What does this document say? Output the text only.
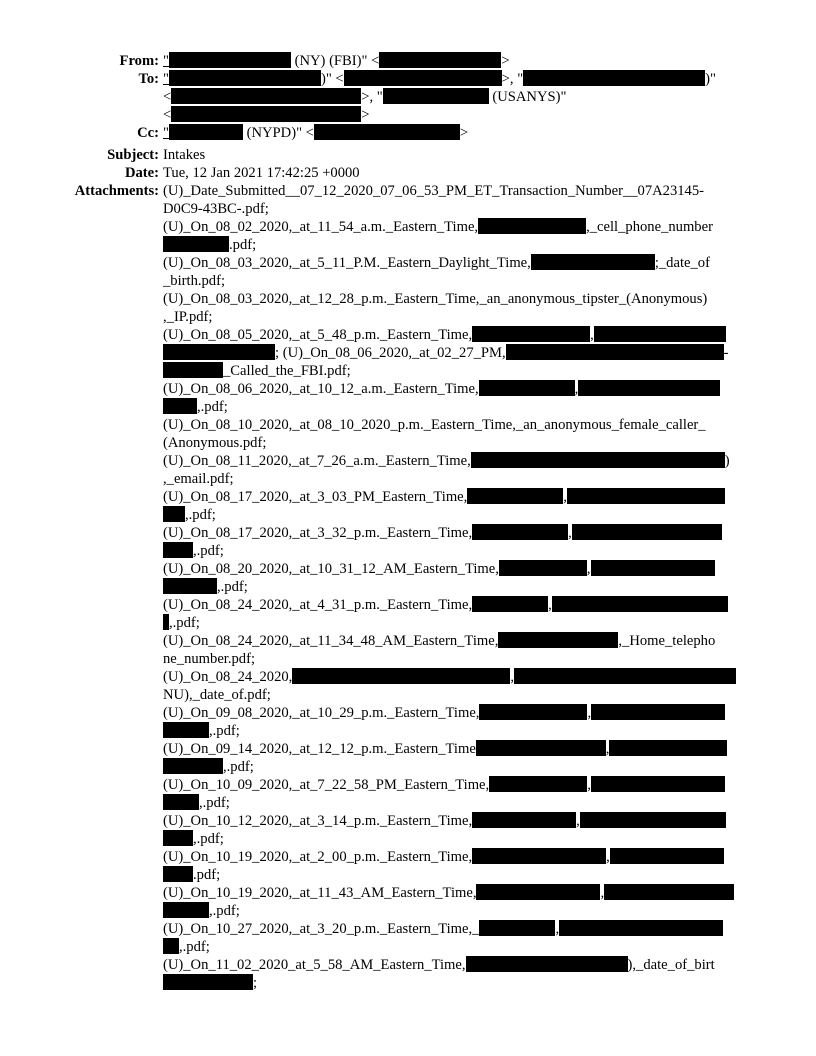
From: "	(NY) (FBI)" <	>
To: "	)" <	>, "	)"
<	>, "	(USANYS)"
<	>
Cc: "	(NYPD)" <	>
Subject: Intakes
Date: Tue, 12 Jan 2021 17:42:25 +0000
Attachments: (U)_Date_Submitted__07_12_2020_07_06_53_PM_ET_Transaction_Number__07A23145-
D0C9-43BC-.pdf;
(U)_On_08_02_2020,_at_11_54_a.m._Eastern_Time,	,_cell_phone_number
.pdf;
(U)_On_08_03_2020,_at_5_11_P.M._Eastern_Daylight_Time,	;_date_of
_birth.pdf;
(U)_On_08_03_2020,_at_12_28_p.m._Eastern_Time,_an_anonymous_tipster_(Anonymous)
,_IP.pdf;
(U)_On_08_05_2020,_at_5_48_p.m._Eastern_Time,	,
; (U)_On_08_06_2020,_at_02_27_PM,	-
_Called_the_FBI.pdf;
(U)_On_08_06_2020,_at_10_12_a.m._Eastern_Time,	,
,.pdf;
(U)_On_08_10_2020,_at_08_10_2020_p.m._Eastern_Time,_an_anonymous_female_caller_
(Anonymous.pdf;
(U)_On_08_11_2020,_at_7_26_a.m._Eastern_Time,	)
,_email.pdf;
(U)_On_08_17_2020,_at_3_03_PM_Eastern_Time,	,
,.pdf;
(U)_On_08_17_2020,_at_3_32_p.m._Eastern_Time,	,
,.pdf;
(U)_On_08_20_2020,_at_10_31_12_AM_Eastern_Time,	,
,.pdf;
(U)_On_08_24_2020,_at_4_31_p.m._Eastern_Time,	,
,.pdf;
(U)_On_08_24_2020,_at_11_34_48_AM_Eastern_Time,	,_Home_telepho
ne_number.pdf;
(U)_On_08_24_2020,	,
NU),_date_of.pdf;
(U)_On_09_08_2020,_at_10_29_p.m._Eastern_Time,	,
,.pdf;
(U)_On_09_14_2020,_at_12_12_p.m._Eastern_Time	,
,.pdf;
(U)_On_10_09_2020,_at_7_22_58_PM_Eastern_Time,	,
,.pdf;
(U)_On_10_12_2020,_at_3_14_p.m._Eastern_Time,	,
,.pdf;
(U)_On_10_19_2020,_at_2_00_p.m._Eastern_Time,	,
.pdf;
(U)_On_10_19_2020,_at_11_43_AM_Eastern_Time,	,
,.pdf;
(U)_On_10_27_2020,_at_3_20_p.m._Eastern_Time,_	,
,.pdf;
(U)_On_11_02_2020_at_5_58_AM_Eastern_Time,	),_date_of_birt
;
